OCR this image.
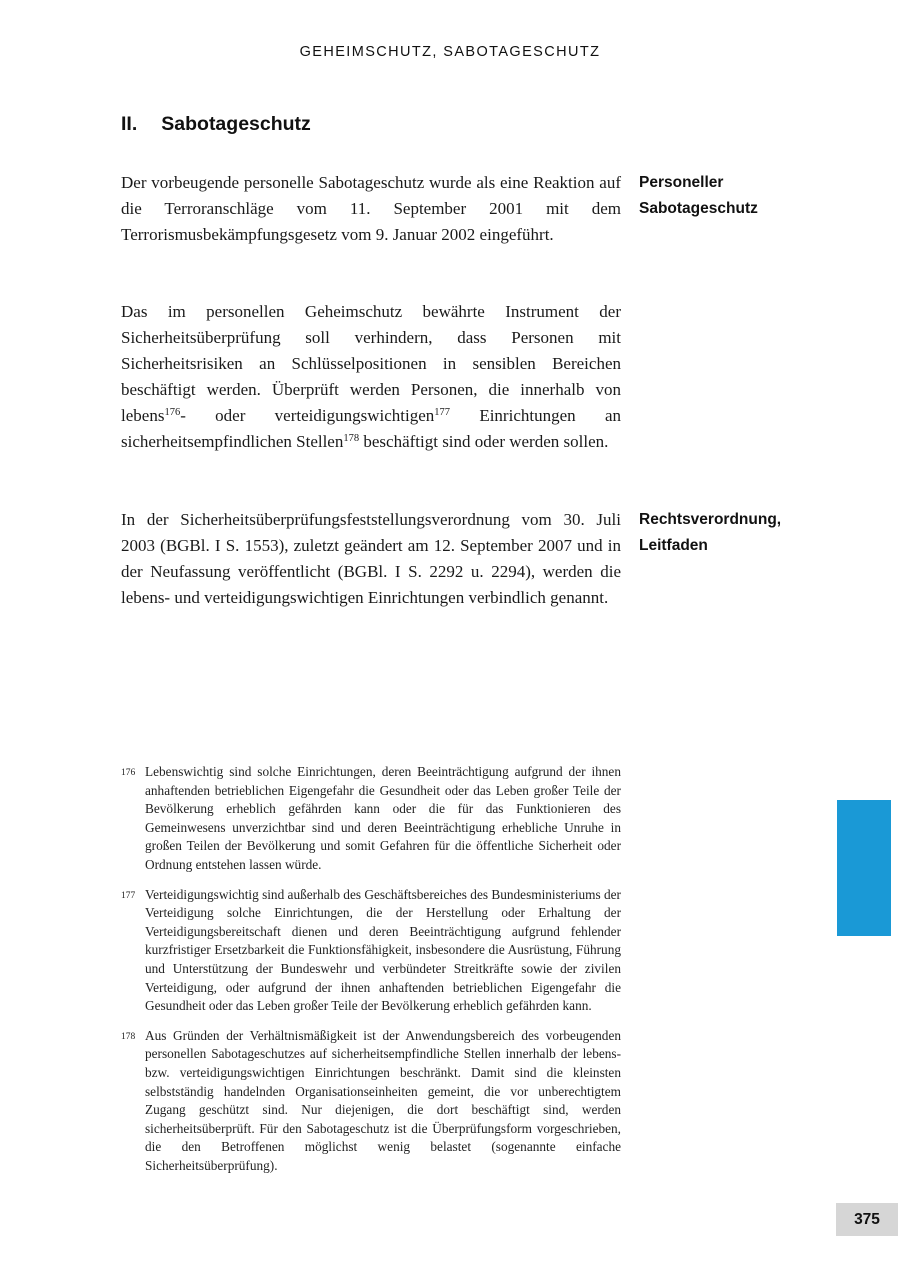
GEHEIMSCHUTZ, SABOTAGESCHUTZ
II. Sabotageschutz

Der vorbeugende personelle Sabotageschutz wurde als eine Reaktion auf die Terroranschläge vom 11. September 2001 mit dem Terrorismusbekämpfungsgesetz vom 9. Januar 2002 eingeführt.

Personeller Sabotageschutz

Das im personellen Geheimschutz bewährte Instrument der Sicherheitsüberprüfung soll verhindern, dass Personen mit Sicherheitsrisiken an Schlüsselpositionen in sensiblen Bereichen beschäftigt werden. Überprüft werden Personen, die innerhalb von lebens$^{176}$- oder verteidigungswichtigen$^{177}$ Einrichtungen an sicherheitsempfindlichen Stellen$^{178}$ beschäftigt sind oder werden sollen.

In der Sicherheitsüberprüfungsfeststellungsverordnung vom 30. Juli 2003 (BGBl. I S. 1553), zuletzt geändert am 12. September 2007 und in der Neufassung veröffentlicht (BGBl. I S. 2292 u. 2294), werden die lebens- und verteidigungswichtigen Einrichtungen verbindlich genannt.

Rechtsverordnung, Leitfaden
176 Lebenswichtig sind solche Einrichtungen, deren Beeinträchtigung aufgrund der ihnen anhaftenden betrieblichen Eigengefahr die Gesundheit oder das Leben großer Teile der Bevölkerung erheblich gefährden kann oder die für das Funktionieren des Gemeinwesens unverzichtbar sind und deren Beeinträchtigung erhebliche Unruhe in großen Teilen der Bevölkerung und somit Gefahren für die öffentliche Sicherheit oder Ordnung entstehen lassen würde.

177 Verteidigungswichtig sind außerhalb des Geschäftsbereiches des Bundesministeriums der Verteidigung solche Einrichtungen, die der Herstellung oder Erhaltung der Verteidigungsbereitschaft dienen und deren Beeinträchtigung aufgrund fehlender kurzfristiger Ersetzbarkeit die Funktionsfähigkeit, insbesondere die Ausrüstung, Führung und Unterstützung der Bundeswehr und verbündeter Streitkräfte sowie der zivilen Verteidigung, oder aufgrund der ihnen anhaftenden betrieblichen Eigengefahr die Gesundheit oder das Leben großer Teile der Bevölkerung erheblich gefährden kann.

178 Aus Gründen der Verhältnismäßigkeit ist der Anwendungsbereich des vorbeugenden personellen Sabotageschutzes auf sicherheitsempfindliche Stellen innerhalb der lebens- bzw. verteidigungswichtigen Einrichtungen beschränkt. Damit sind die kleinsten selbstständig handelnden Organisationseinheiten gemeint, die vor unberechtigtem Zugang geschützt sind. Nur diejenigen, die dort beschäftigt sind, werden sicherheitsüberprüft. Für den Sabotageschutz ist die Überprüfungsform vorgeschrieben, die den Betroffenen möglichst wenig belastet (sogenannte einfache Sicherheitsüberprüfung).

375
